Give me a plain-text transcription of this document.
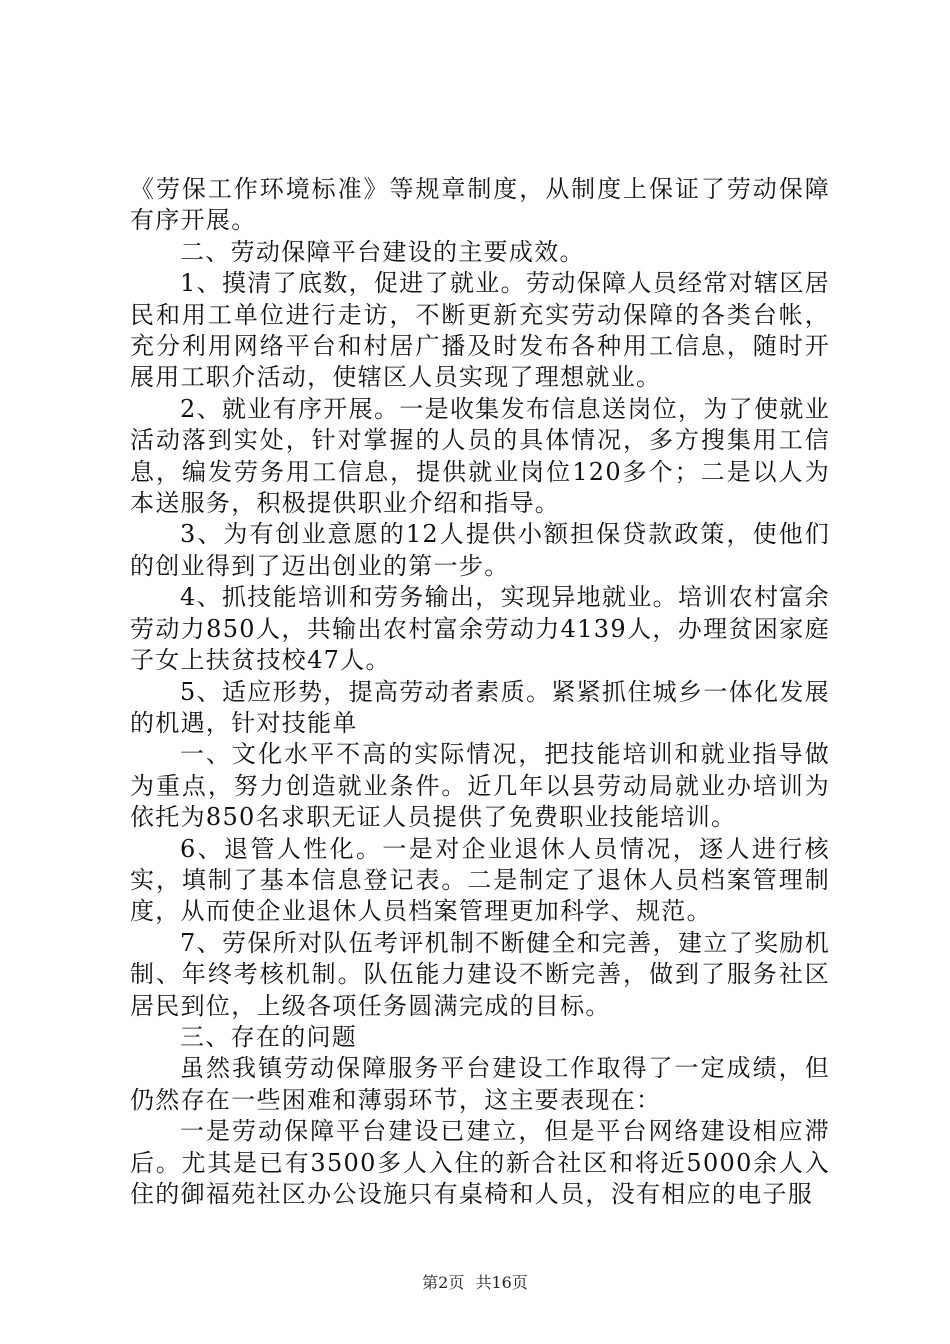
《劳保工作环境标准》等规章制度，从制度上保证了劳动保障有序开展。

二、劳动保障平台建设的主要成效。

1、摸清了底数，促进了就业。劳动保障人员经常对辖区居民和用工单位进行走访，不断更新充实劳动保障的各类台帐，充分利用网络平台和村居广播及时发布各种用工信息，随时开展用工职介活动，使辖区人员实现了理想就业。

2、就业有序开展。一是收集发布信息送岗位，为了使就业活动落到实处，针对掌握的人员的具体情况，多方搜集用工信息，编发劳务用工信息，提供就业岗位120多个；二是以人为本送服务，积极提供职业介绍和指导。

3、为有创业意愿的12人提供小额担保贷款政策，使他们的创业得到了迈出创业的第一步。

4、抓技能培训和劳务输出，实现异地就业。培训农村富余劳动力850人，共输出农村富余劳动力4139人，办理贫困家庭子女上扶贫技校47人。

5、适应形势，提高劳动者素质。紧紧抓住城乡一体化发展的机遇，针对技能单

一、文化水平不高的实际情况，把技能培训和就业指导做为重点，努力创造就业条件。近几年以县劳动局就业办培训为依托为850名求职无证人员提供了免费职业技能培训。

6、退管人性化。一是对企业退休人员情况，逐人进行核实，填制了基本信息登记表。二是制定了退休人员档案管理制度，从而使企业退休人员档案管理更加科学、规范。

7、劳保所对队伍考评机制不断健全和完善，建立了奖励机制、年终考核机制。队伍能力建设不断完善，做到了服务社区居民到位，上级各项任务圆满完成的目标。

三、存在的问题

虽然我镇劳动保障服务平台建设工作取得了一定成绩，但仍然存在一些困难和薄弱环节，这主要表现在：

一是劳动保障平台建设已建立，但是平台网络建设相应滞后。尤其是已有3500多人入住的新合社区和将近5000余人入住的御福苑社区办公设施只有桌椅和人员，没有相应的电子服

第2页 共16页
